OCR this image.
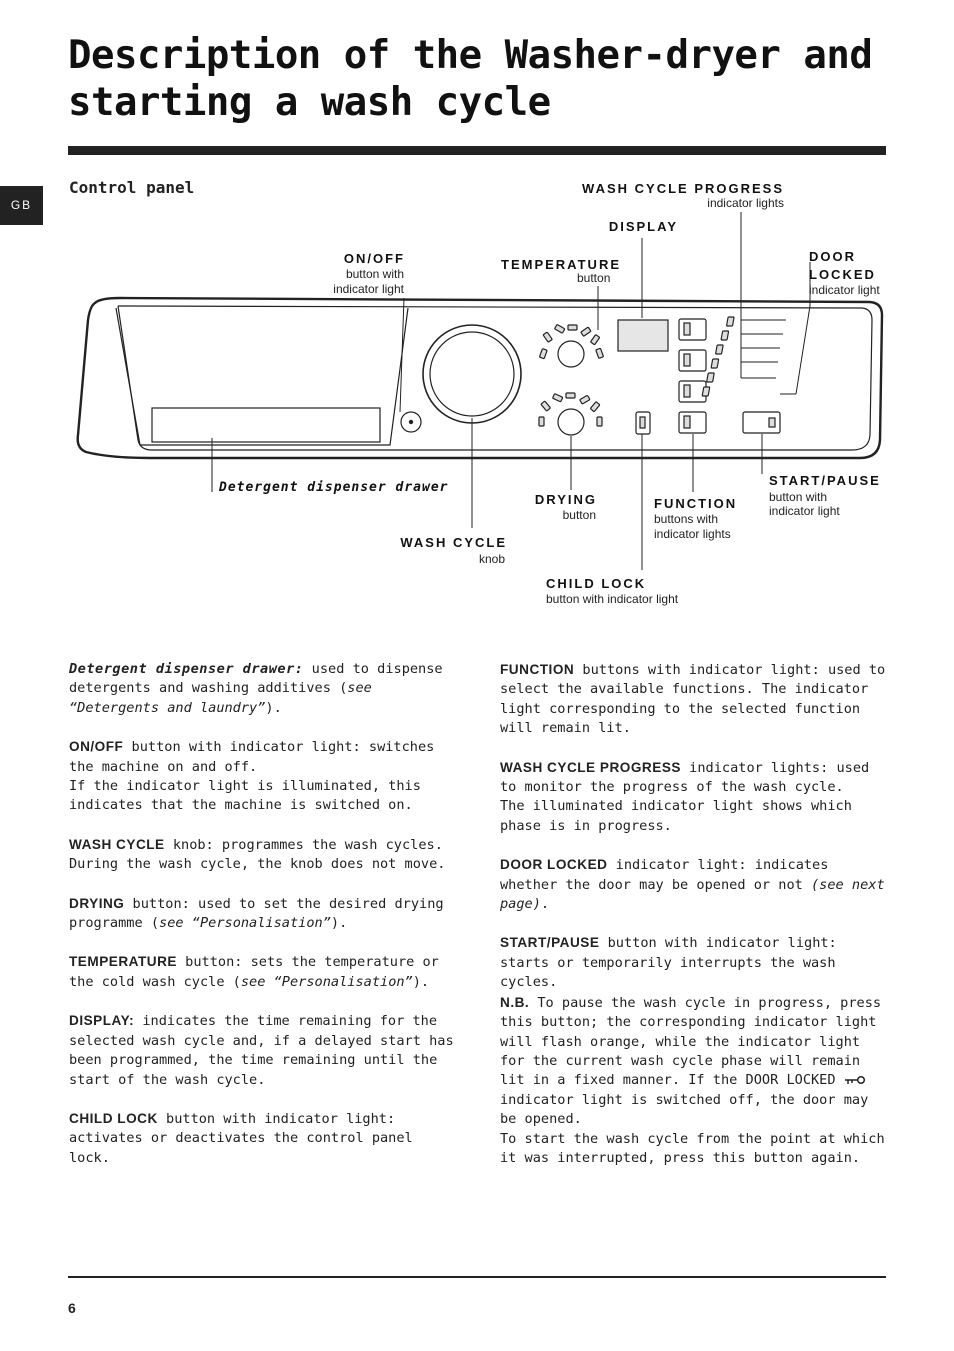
Description of the Washer-dryer and
starting a wash cycle
GB
Control panel	WASH CYCLE PROGRESS
indicator lights
DISPLAY
ON/OFF
button with
indicator light
TEMPERATURE
button
DOOR
LOCKED
indicator light
Detergent dispenser drawer
DRYING
button
FUNCTION
buttons with
indicator lights
START/PAUSE
button with
indicator light
WASH CYCLE
knob
CHILD LOCK
button with indicator light

Detergent dispenser drawer: used to dispense detergents and washing additives (see “Detergents and laundry”).

ON/OFF button with indicator light: switches the machine on and off.
If the indicator light is illuminated, this indicates that the machine is switched on.

WASH CYCLE knob: programmes the wash cycles. During the wash cycle, the knob does not move.

DRYING button: used to set the desired drying programme (see “Personalisation”).

TEMPERATURE button: sets the temperature or the cold wash cycle (see “Personalisation”).

DISPLAY: indicates the time remaining for the selected wash cycle and, if a delayed start has been programmed, the time remaining until the start of the wash cycle.

CHILD LOCK button with indicator light: activates or deactivates the control panel lock.

FUNCTION buttons with indicator light: used to select the available functions. The indicator light corresponding to the selected function will remain lit.

WASH CYCLE PROGRESS indicator lights: used to monitor the progress of the wash cycle.
The illuminated indicator light shows which phase is in progress.

DOOR LOCKED indicator light: indicates whether the door may be opened or not (see next page).

START/PAUSE button with indicator light: starts or temporarily interrupts the wash cycles.
N.B. To pause the wash cycle in progress, press this button; the corresponding indicator light will flash orange, while the indicator light for the current wash cycle phase will remain lit in a fixed manner. If the DOOR LOCKED  indicator light is switched off, the door may be opened.
To start the wash cycle from the point at which it was interrupted, press this button again.

6
